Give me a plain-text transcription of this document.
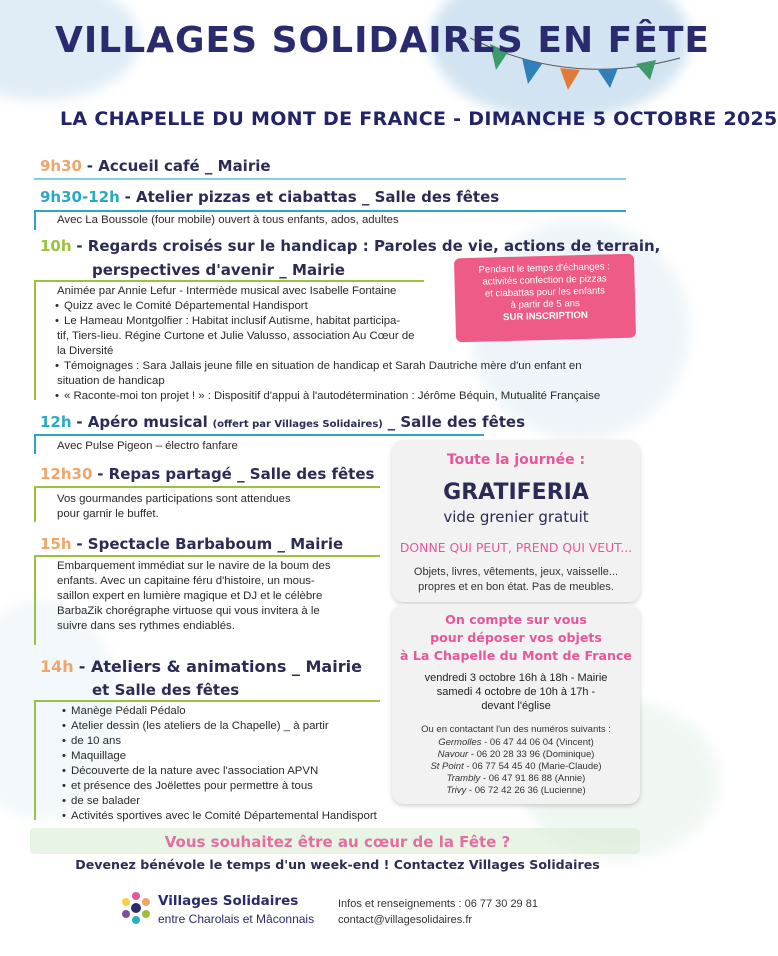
VILLAGES SOLIDAIRES EN FÊTE
LA CHAPELLE DU MONT DE FRANCE - DIMANCHE 5 OCTOBRE 2025
9h30 - Accueil café _ Mairie
9h30-12h - Atelier pizzas et ciabattas _ Salle des fêtes
Avec La Boussole (four mobile) ouvert à tous enfants, ados, adultes
10h - Regards croisés sur le handicap : Paroles de vie, actions de terrain,
perspectives d'avenir _ Mairie
Animée par Annie Lefur - Intermède musical avec Isabelle Fontaine
• Quizz avec le Comité Départemental Handisport
• Le Hameau Montgolfier : Habitat inclusif Autisme, habitat participa-
tif, Tiers-lieu. Régine Curtone et Julie Valusso, association Au Cœur de
la Diversité
• Témoignages : Sara Jallais jeune fille en situation de handicap et Sarah Dautriche mère d'un enfant en
situation de handicap
• « Raconte-moi ton projet ! » : Dispositif d'appui à l'autodétermination : Jérôme Béquin, Mutualité Française
Pendant le temps d'échanges :
activités confection de pizzas
et ciabattas pour les enfants
à partir de 5 ans
SUR INSCRIPTION
12h - Apéro musical (offert par Villages Solidaires) _ Salle des fêtes
Avec Pulse Pigeon – électro fanfare
12h30 - Repas partagé _ Salle des fêtes
Vos gourmandes participations sont attendues
pour garnir le buffet.
15h - Spectacle Barbaboum _ Mairie
Embarquement immédiat sur le navire de la boum des
enfants. Avec un capitaine féru d'histoire, un mous-
saillon expert en lumière magique et DJ et le célèbre
BarbaZik chorégraphe virtuose qui vous invitera à le
suivre dans ses rythmes endiablés.
14h - Ateliers & animations _ Mairie
et Salle des fêtes
• Manège Pédali Pédalo
• Atelier dessin (les ateliers de la Chapelle) _ à partir
• de 10 ans
• Maquillage
• Découverte de la nature avec l'association APVN
• et présence des Joëlettes pour permettre à tous
• de se balader
• Activités sportives avec le Comité Départemental Handisport
Toute la journée :
GRATIFERIA
vide grenier gratuit
DONNE QUI PEUT, PREND QUI VEUT...
Objets, livres, vêtements, jeux, vaisselle...
propres et en bon état. Pas de meubles.
On compte sur vous
pour déposer vos objets
à La Chapelle du Mont de France
vendredi 3 octobre 16h à 18h - Mairie
samedi 4 octobre de 10h à 17h -
devant l'église
Ou en contactant l'un des numéros suivants :
Germolles - 06 47 44 06 04 (Vincent)
Navour - 06 20 28 33 96 (Dominique)
St Point - 06 77 54 45 40 (Marie-Claude)
Trambly - 06 47 91 86 88 (Annie)
Trivy - 06 72 42 26 36 (Lucienne)
Vous souhaitez être au cœur de la Fête ?
Devenez bénévole le temps d'un week-end ! Contactez Villages Solidaires
Villages Solidaires
entre Charolais et Mâconnais
Infos et renseignements : 06 77 30 29 81
contact@villagesolidaires.fr
